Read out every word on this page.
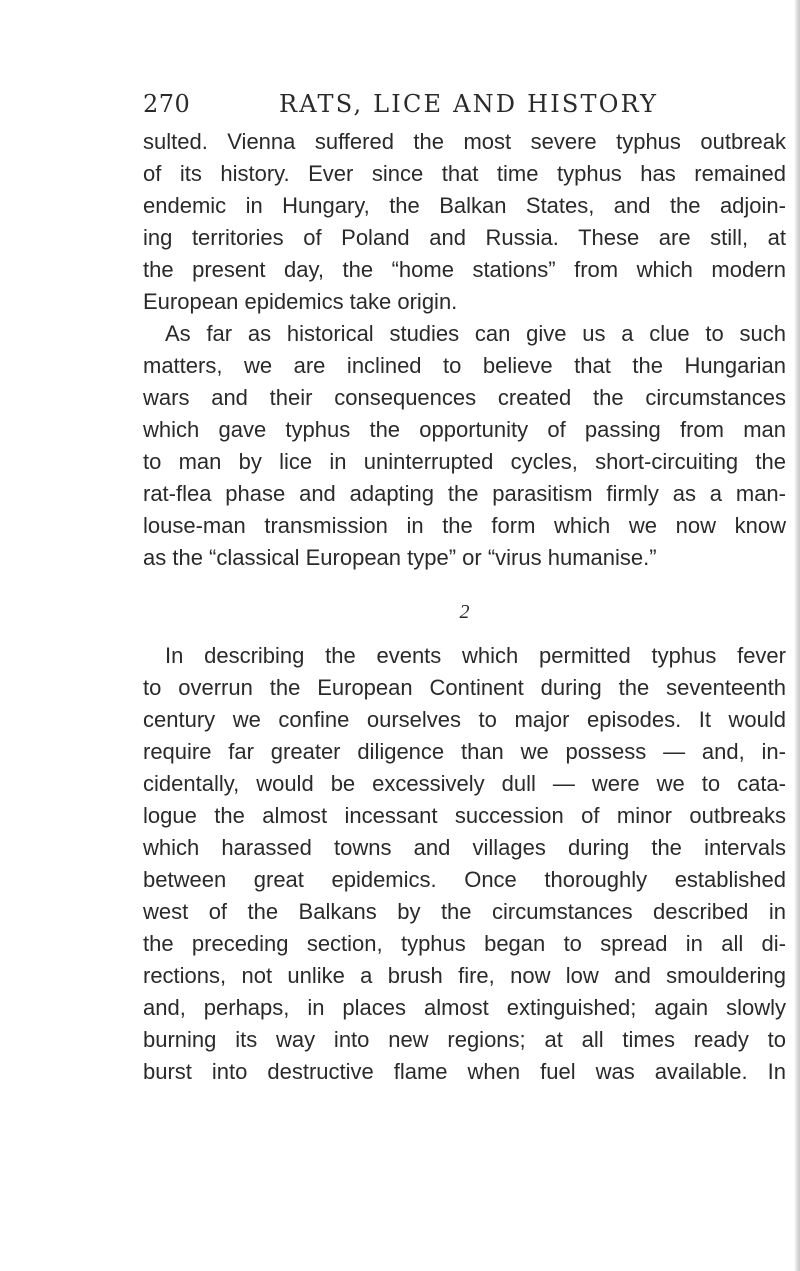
270	RATS, LICE AND HISTORY
sulted. Vienna suffered the most severe typhus outbreak
of its history. Ever since that time typhus has remained
endemic in Hungary, the Balkan States, and the adjoin-
ing territories of Poland and Russia. These are still, at
the present day, the “home stations” from which modern
European epidemics take origin.
As far as historical studies can give us a clue to such
matters, we are inclined to believe that the Hungarian
wars and their consequences created the circumstances
which gave typhus the opportunity of passing from man
to man by lice in uninterrupted cycles, short-circuiting the
rat-flea phase and adapting the parasitism firmly as a man-
louse-man transmission in the form which we now know
as the “classical European type” or “virus humanise.”
2
In describing the events which permitted typhus fever
to overrun the European Continent during the seventeenth
century we confine ourselves to major episodes. It would
require far greater diligence than we possess — and, in-
cidentally, would be excessively dull — were we to cata-
logue the almost incessant succession of minor outbreaks
which harassed towns and villages during the intervals
between great epidemics. Once thoroughly established
west of the Balkans by the circumstances described in
the preceding section, typhus began to spread in all di-
rections, not unlike a brush fire, now low and smouldering
and, perhaps, in places almost extinguished; again slowly
burning its way into new regions; at all times ready to
burst into destructive flame when fuel was available. In
